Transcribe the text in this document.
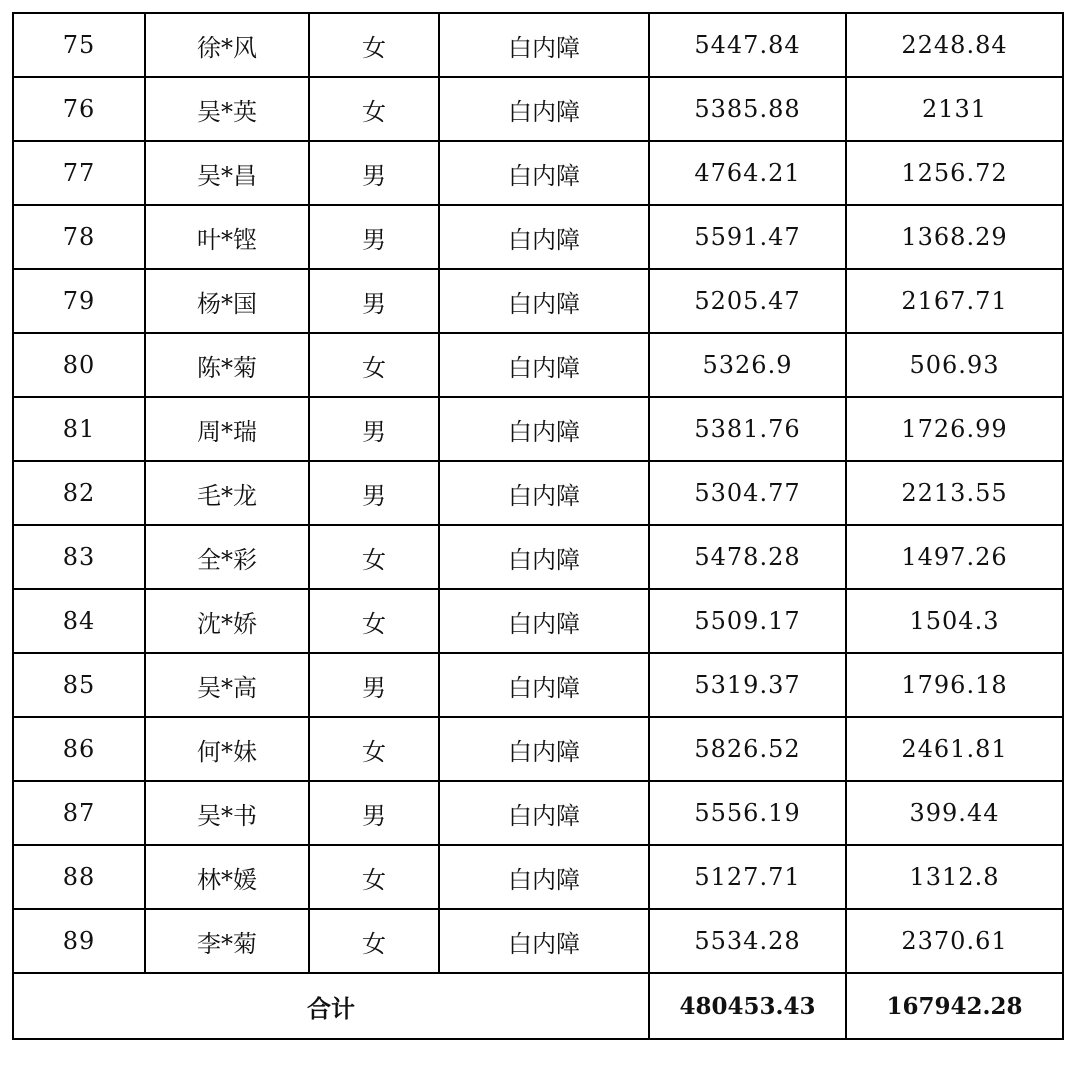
75	徐*风	女	白内障	5447.84	2248.84
76	吴*英	女	白内障	5385.88	2131
77	吴*昌	男	白内障	4764.21	1256.72
78	叶*铿	男	白内障	5591.47	1368.29
79	杨*国	男	白内障	5205.47	2167.71
80	陈*菊	女	白内障	5326.9	506.93
81	周*瑞	男	白内障	5381.76	1726.99
82	毛*龙	男	白内障	5304.77	2213.55
83	全*彩	女	白内障	5478.28	1497.26
84	沈*娇	女	白内障	5509.17	1504.3
85	吴*高	男	白内障	5319.37	1796.18
86	何*妹	女	白内障	5826.52	2461.81
87	吴*书	男	白内障	5556.19	399.44
88	林*媛	女	白内障	5127.71	1312.8
89	李*菊	女	白内障	5534.28	2370.61
合计				480453.43	167942.28
